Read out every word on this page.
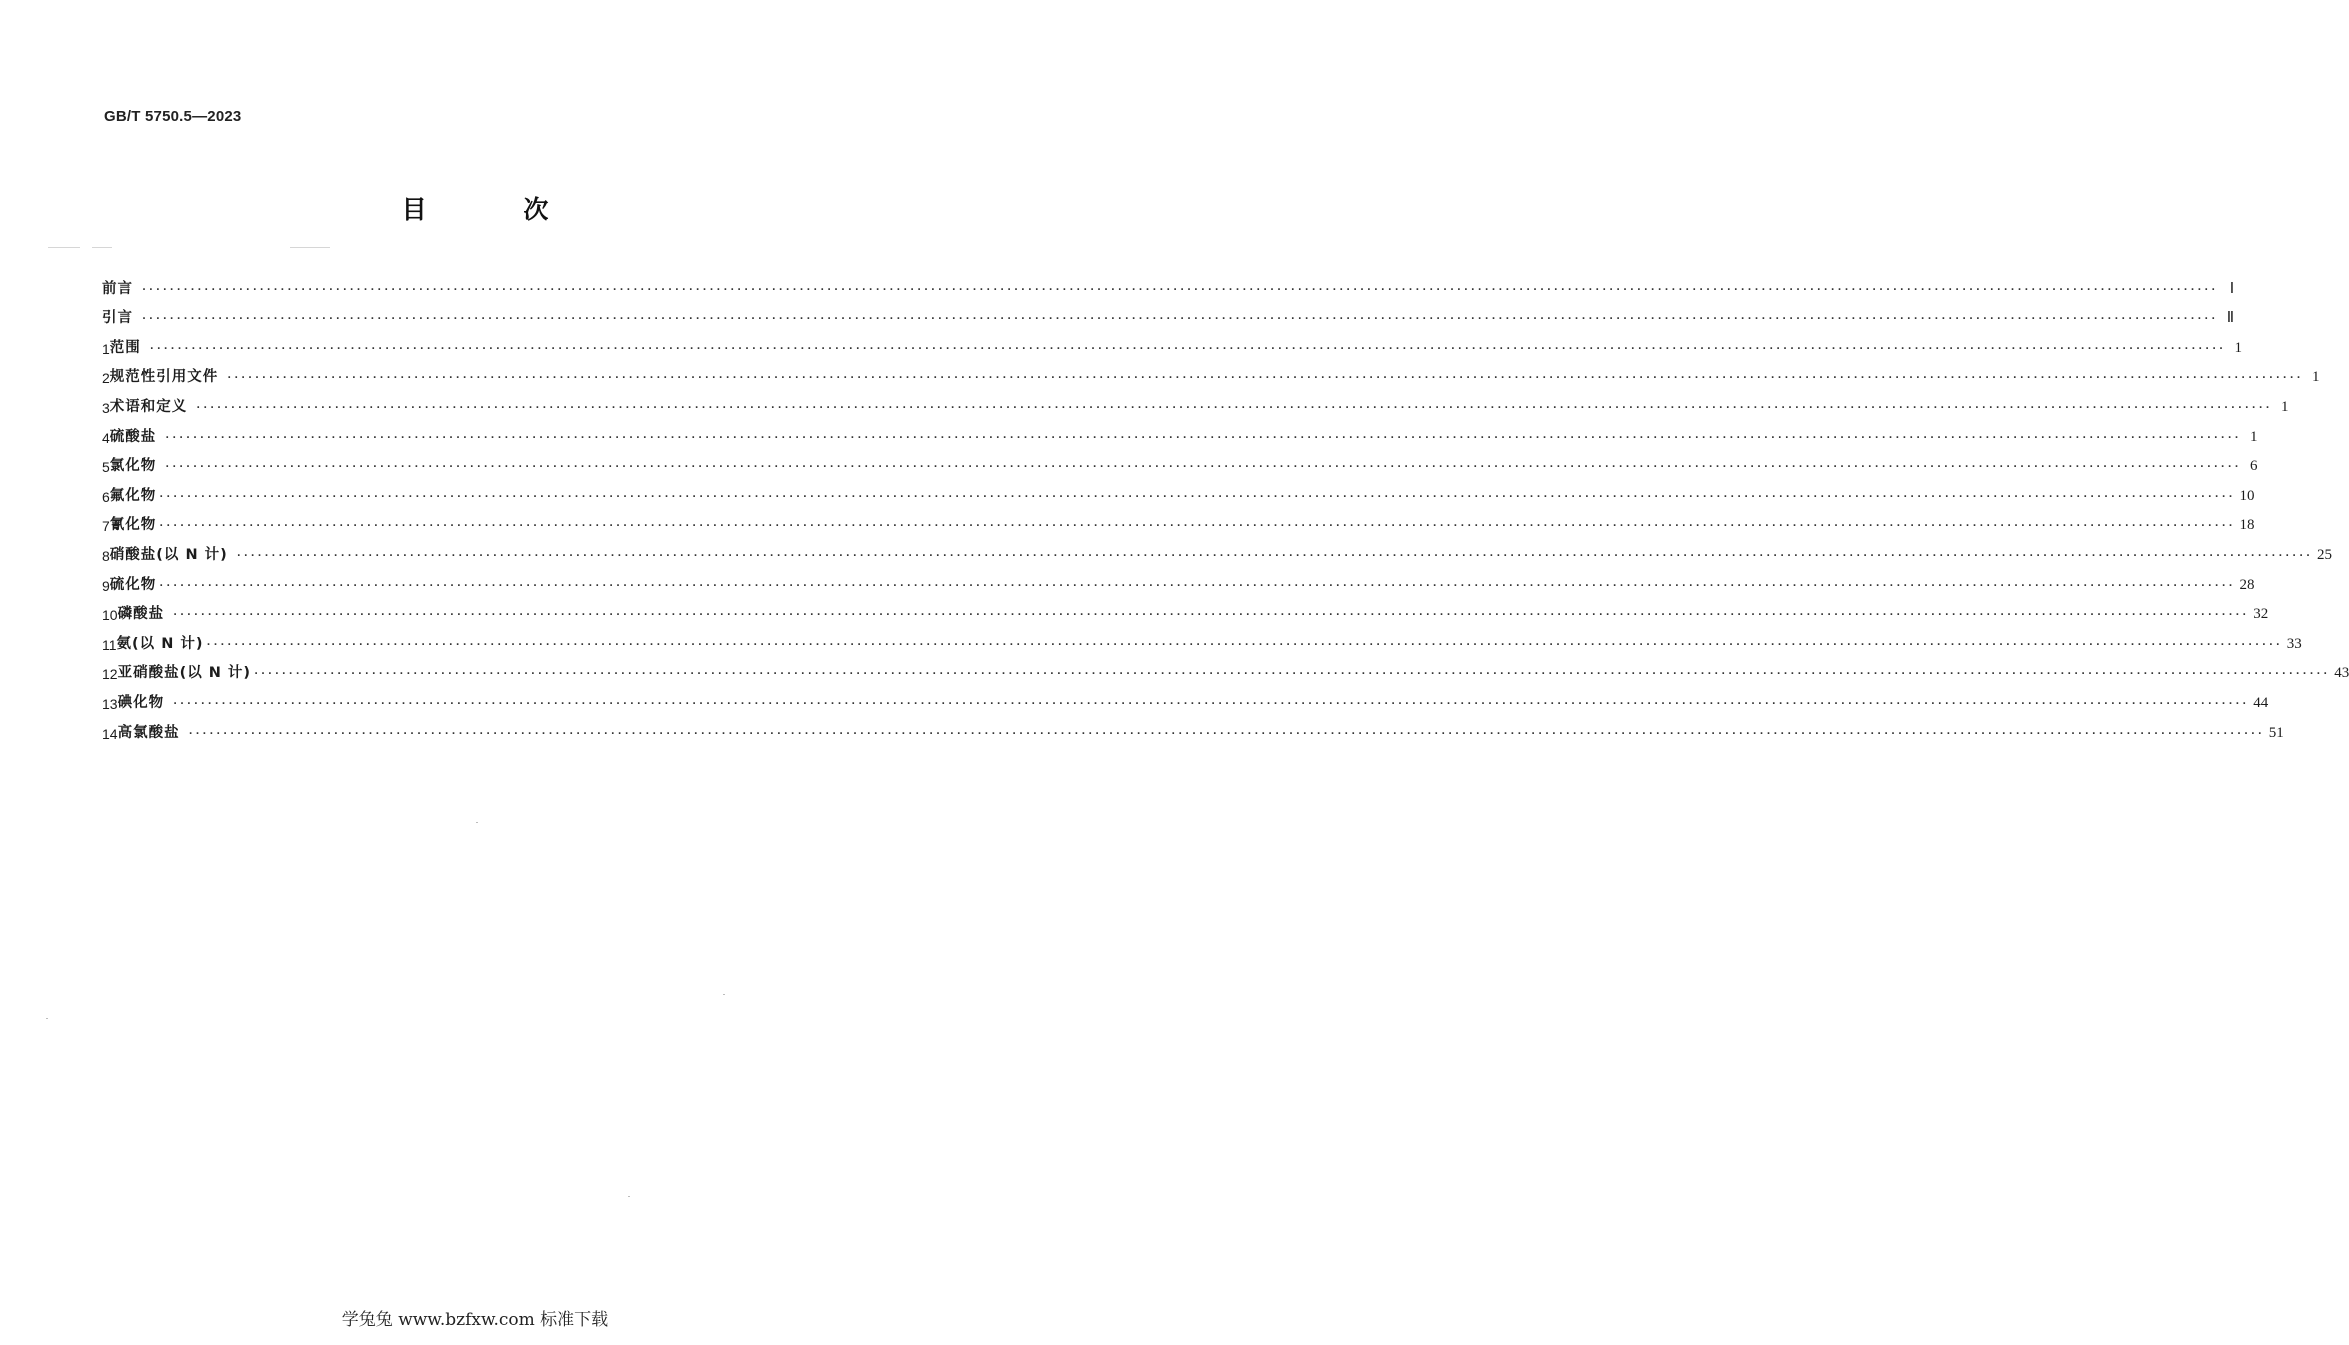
GB/T 5750.5—2023
目 次
前言 ............................................................................................................................................................................................................................................................................................................ Ⅰ
引言 ............................................................................................................................................................................................................................................................................................................ Ⅱ
1 范围 ............................................................................................................................................................................................................................................................................................................ 1
2 规范性引用文件 ............................................................................................................................................................................................................................................................................................................ 1
3 术语和定义 ............................................................................................................................................................................................................................................................................................................ 1
4 硫酸盐 ............................................................................................................................................................................................................................................................................................................ 1
5 氯化物 ............................................................................................................................................................................................................................................................................................................ 6
6 氟化物 ............................................................................................................................................................................................................................................................................................................ 10
7 氰化物 ............................................................................................................................................................................................................................................................................................................ 18
8 硝酸盐(以 N 计) ............................................................................................................................................................................................................................................................................................................ 25
9 硫化物 ............................................................................................................................................................................................................................................................................................................ 28
10 磷酸盐 ............................................................................................................................................................................................................................................................................................................ 32
11 氨(以 N 计) ............................................................................................................................................................................................................................................................................................................ 33
12 亚硝酸盐(以 N 计) ............................................................................................................................................................................................................................................................................................................ 43
13 碘化物 ............................................................................................................................................................................................................................................................................................................ 44
14 高氯酸盐 ............................................................................................................................................................................................................................................................................................................ 51
学兔兔 www.bzfxw.com 标准下载
